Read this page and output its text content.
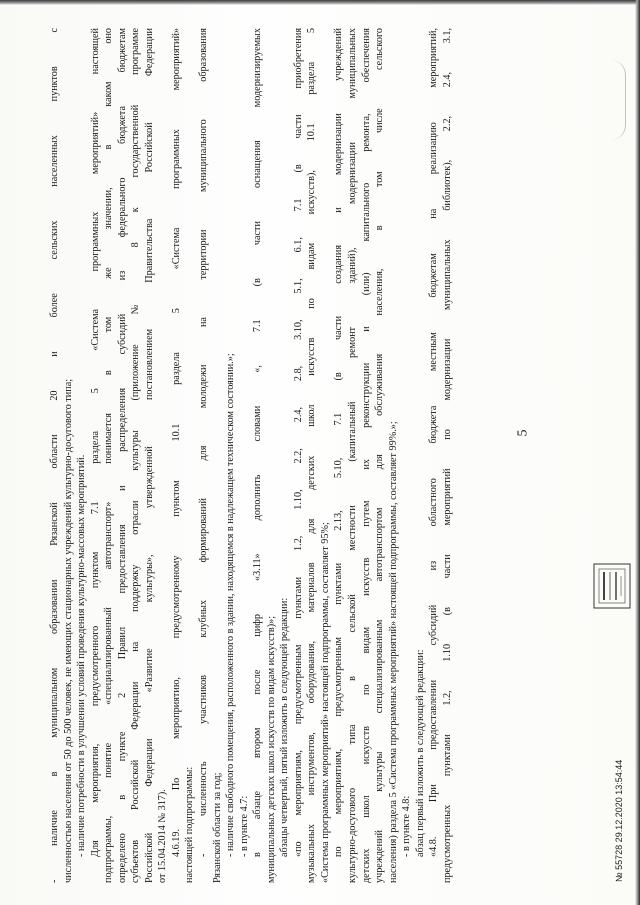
5
- наличие в муниципальном образовании Рязанской области 20 и более сельских населенных пунктов с численностью населения от 50 до 500 человек, не имеющих стационарных учреждений культурно-досугового типа; - наличие потребности в улучшении условий проведения культурно-массовых мероприятий. Для мероприятия, предусмотренного пунктом 7.1 раздела 5 «Система программных мероприятий» настоящей подпрограммы, понятие «специализированный автотранспорт» понимается в том же значении, в каком оно определено в пункте 2 Правил предоставления и распределения субсидий из федерального бюджета бюджетам субъектов Российской Федерации на поддержку отрасли культуры (приложение № 8 к государственной программе Российской Федерации «Развитие культуры», утвержденной постановлением Правительства Российской Федерации от 15.04.2014 № 317). 4.6.19. По мероприятию, предусмотренному пунктом 10.1 раздела 5 «Система программных мероприятий» настоящей подпрограммы: - численность участников клубных формирований для молодежи на территории муниципального образования Рязанской области за год; - наличие свободного помещения, расположенного в здании, находящемся в надлежащем техническом состоянии.»; - в пункте 4.7: в абзаце втором после цифр «3.11» дополнить словами «, 7.1 (в части оснащения модернизируемых муниципальных детских школ искусств по видам искусств)»; абзацы четвертый, пятый изложить в следующей редакции: «по мероприятиям, предусмотренным пунктами 1.2, 1.10, 2.2, 2.4, 2.8, 3.10, 5.1, 6.1, 7.1 (в части приобретения музыкальных инструментов, оборудования, материалов для детских школ искусств по видам искусств), 10.1 раздела 5 «Система программных мероприятий» настоящей подпрограммы, составляет 95%; по мероприятиям, предусмотренным пунктами 2.13, 5.10, 7.1 (в части создания и модернизации учреждений культурно-досугового типа в сельской местности (капитальный ремонт зданий), модернизации муниципальных детских школ искусств по видам искусств путем их реконструкции и (или) капитального ремонта, обеспечения учреждений культуры специализированным автотранспортом для обслуживания населения, в том числе сельского населения) раздела 5 «Система программных мероприятий» настоящей подпрограммы, составляет 99%.»; - в пункте 4.8: абзац первый изложить в следующей редакции: «4.8. При предоставлении субсидий из областного бюджета местным бюджетам на реализацию мероприятий, предусмотренных пунктами 1.2, 1.10 (в части мероприятий по модернизации муниципальных библиотек), 2.2, 2.4, 3.1,	№ 55728 29.12.2020 13:54:44
